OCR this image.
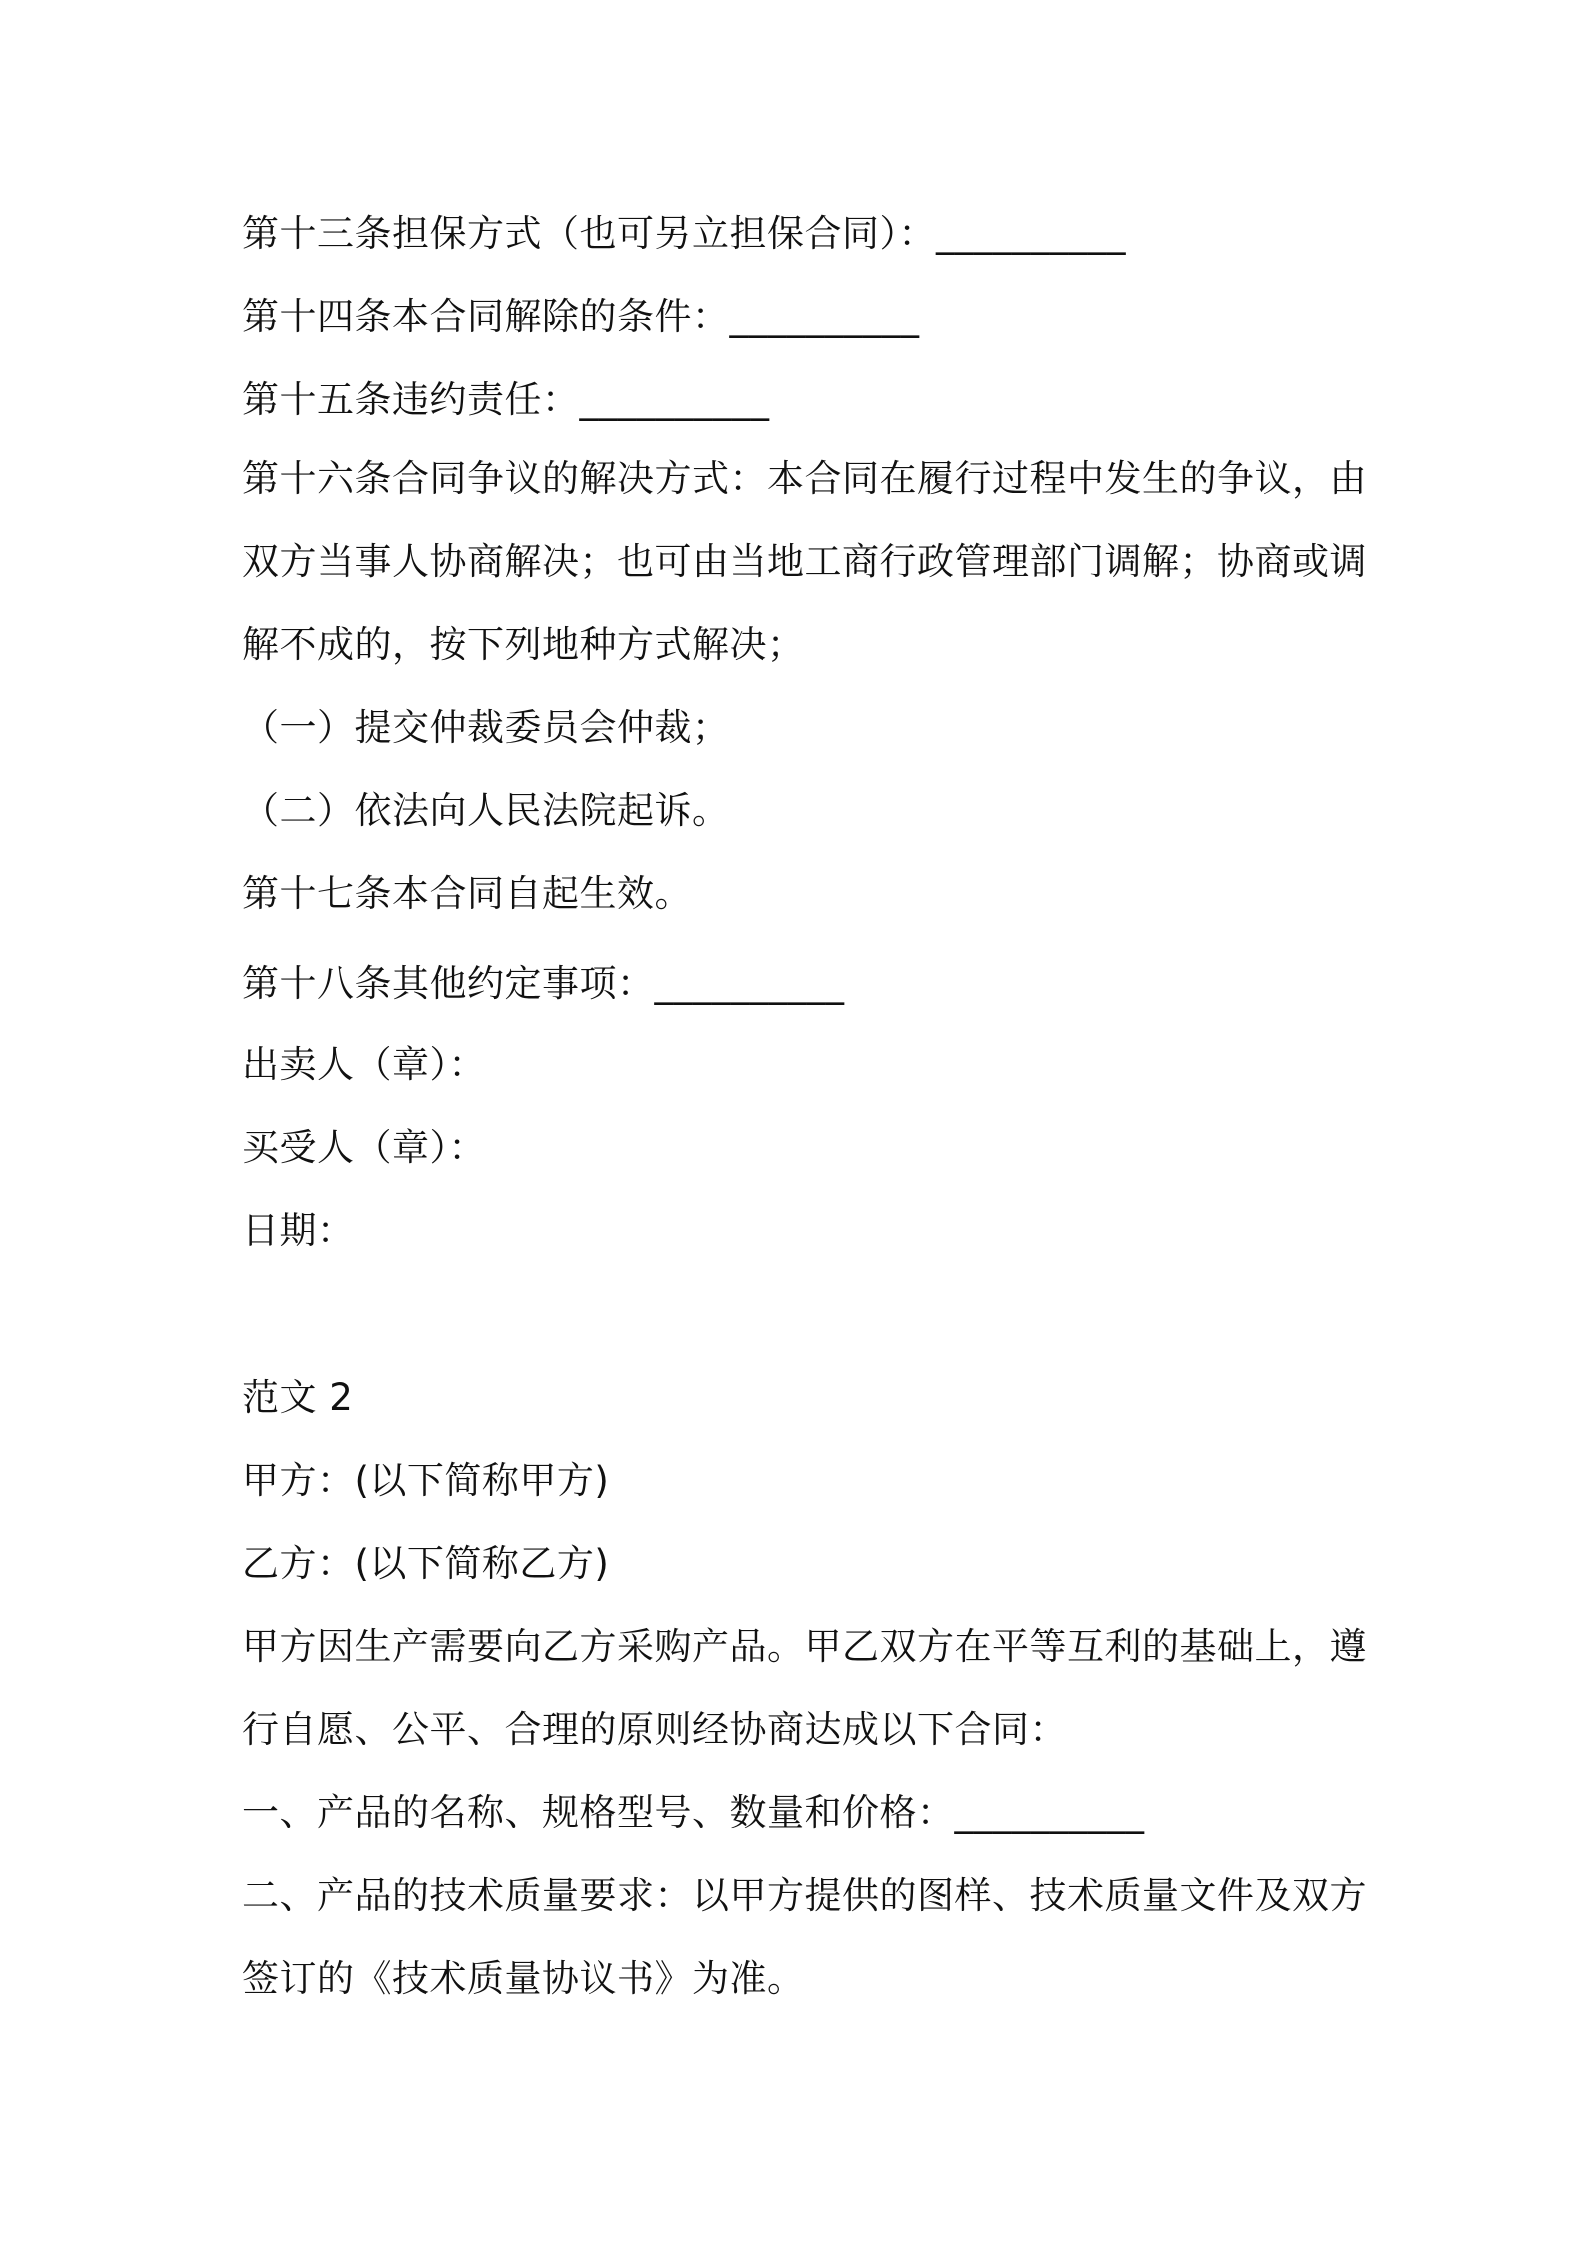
第十三条担保方式（也可另立担保合同）：__________
第十四条本合同解除的条件：__________
第十五条违约责任：__________
第十六条合同争议的解决方式：本合同在履行过程中发生的争议，由
双方当事人协商解决；也可由当地工商行政管理部门调解；协商或调
解不成的，按下列地种方式解决；
（一）提交仲裁委员会仲裁；
（二）依法向人民法院起诉。
第十七条本合同自起生效。
第十八条其他约定事项：__________
出卖人（章）：
买受人（章）：
日期：
范文 2
甲方：(以下简称甲方)
乙方：(以下简称乙方)
甲方因生产需要向乙方采购产品。甲乙双方在平等互利的基础上，遵
行自愿、公平、合理的原则经协商达成以下合同：
一、产品的名称、规格型号、数量和价格：__________
二、产品的技术质量要求：以甲方提供的图样、技术质量文件及双方
签订的《技术质量协议书》为准。
